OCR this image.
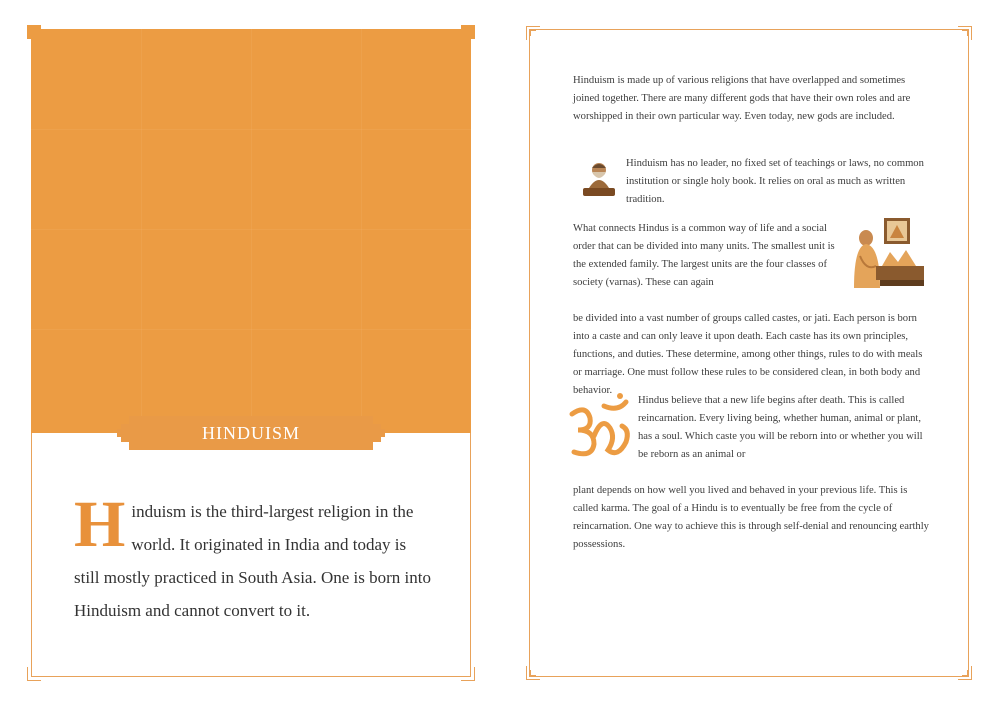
HINDUISM
Hinduism is the third-largest religion in the world. It originated in India and today is still mostly practiced in South Asia. One is born into Hinduism and cannot convert to it.

Hinduism is made up of various religions that have overlapped and sometimes joined together. There are many different gods that have their own roles and are worshipped in their own particular way. Even today, new gods are included.

Hinduism has no leader, no fixed set of teachings or laws, no common institution or single holy book. It relies on oral as much as written tradition.

What connects Hindus is a common way of life and a social order that can be divided into many units. The smallest unit is the extended family. The largest units are the four classes of society (varnas). These can again

be divided into a vast number of groups called castes, or jati. Each person is born into a caste and can only leave it upon death. Each caste has its own principles, functions, and duties. These determine, among other things, rules to do with meals or marriage. One must follow these rules to be considered clean, in both body and behavior.

Hindus believe that a new life begins after death. This is called reincarnation. Every living being, whether human, animal or plant, has a soul. Which caste you will be reborn into or whether you will be reborn as an animal or

plant depends on how well you lived and behaved in your previous life. This is called karma. The goal of a Hindu is to eventually be free from the cycle of reincarnation. One way to achieve this is through self-denial and renouncing earthly possessions.
